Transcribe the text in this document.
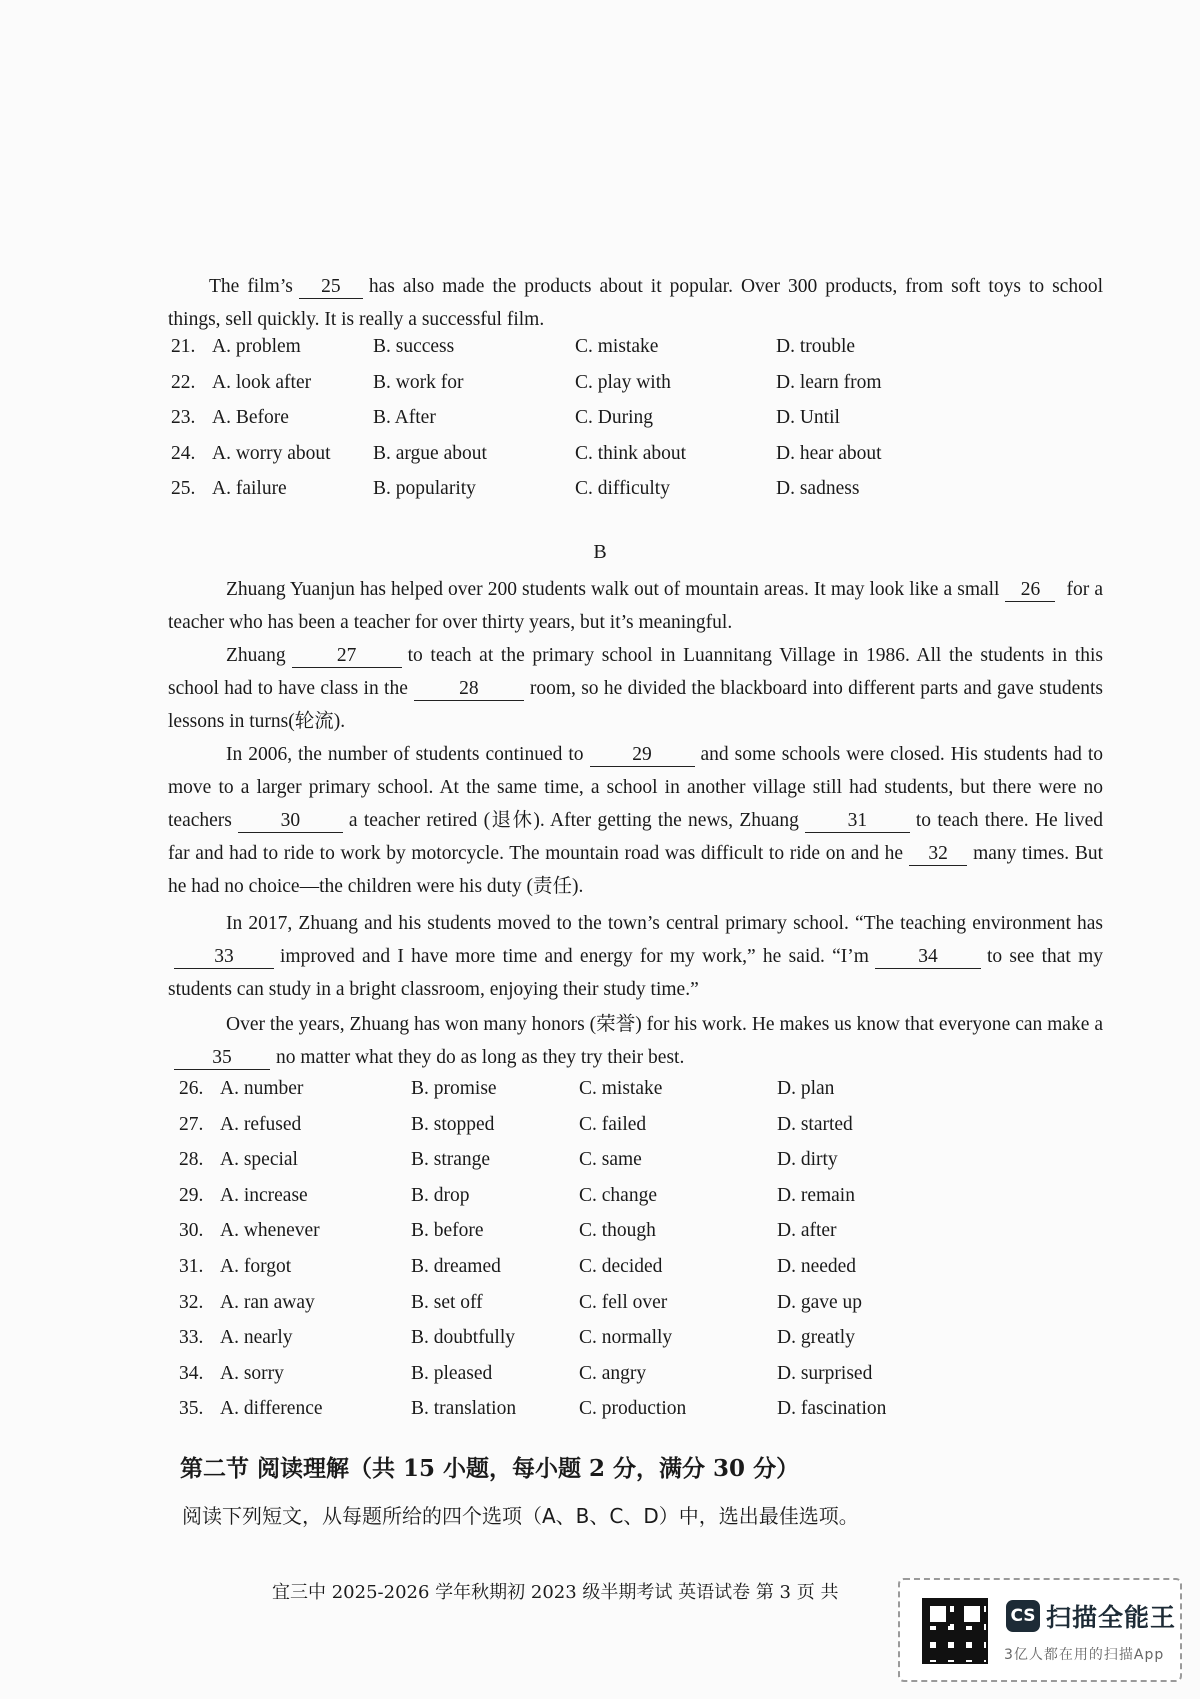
The film’s 25 has also made the products about it popular. Over 300 products, from soft toys to school things, sell quickly. It is really a successful film.
21. A. problem	B. success	C. mistake	D. trouble
22. A. look after	B. work for	C. play with	D. learn from
23. A. Before	B. After	C. During	D. Until
24. A. worry about B. argue about	C. think about	D. hear about
25. A. failure	B. popularity	C. difficulty	D. sadness
B
Zhuang Yuanjun has helped over 200 students walk out of mountain areas. It may look like a small 26 for a teacher who has been a teacher for over thirty years, but it’s meaningful.
Zhuang	27	to teach at the primary school in Luannitang Village in 1986. All the students in this school had to have class in the	28	room, so he divided the blackboard into different parts and gave students lessons in turns(轮流).
In 2006, the number of students continued to	29	and some schools were closed. His students had to move to a larger primary school. At the same time, a school in another village still had students, but there were no teachers	30	a teacher retired (退休). After getting the news, Zhuang	31	to teach there. He lived far and had to ride to work by motorcycle. The mountain road was difficult to ride on and he 32 many times. But he had no choice—the children were his duty (责任).
In 2017, Zhuang and his students moved to the town’s central primary school. “The teaching environment has33 improved and I have more time and energy for my work,” he said. “I’m	34	to see that my students can study in a bright classroom, enjoying their study time.”
Over the years, Zhuang has won many honors (荣誉) for his work. He makes us know that everyone can make a35 no matter what they do as long as they try their best.
26. A. number	B. promise	C. mistake	D. plan
27. A. refused	B. stopped	C. failed	D. started
28. A. special	B. strange	C. same	D. dirty
29. A. increase	B. drop	C. change	D. remain
30. A. whenever	B. before	C. though	D. after
31. A. forgot	B. dreamed	C. decided	D. needed
32. A. ran away	B. set off	C. fell over	D. gave up
33. A. nearly	B. doubtfully	C. normally	D. greatly
34. A. sorry	B. pleased	C. angry	D. surprised
35. A. difference	B. translation	C. production	D. fascination
第二节 阅读理解（共 15 小题，每小题 2 分，满分 30 分）
阅读下列短文，从每题所给的四个选项（A、B、C、D）中，选出最佳选项。
宜三中 2025-2026 学年秋期初 2023 级半期考试 英语试卷 第 3 页 共
CS 扫描全能王
3亿人都在用的扫描App
